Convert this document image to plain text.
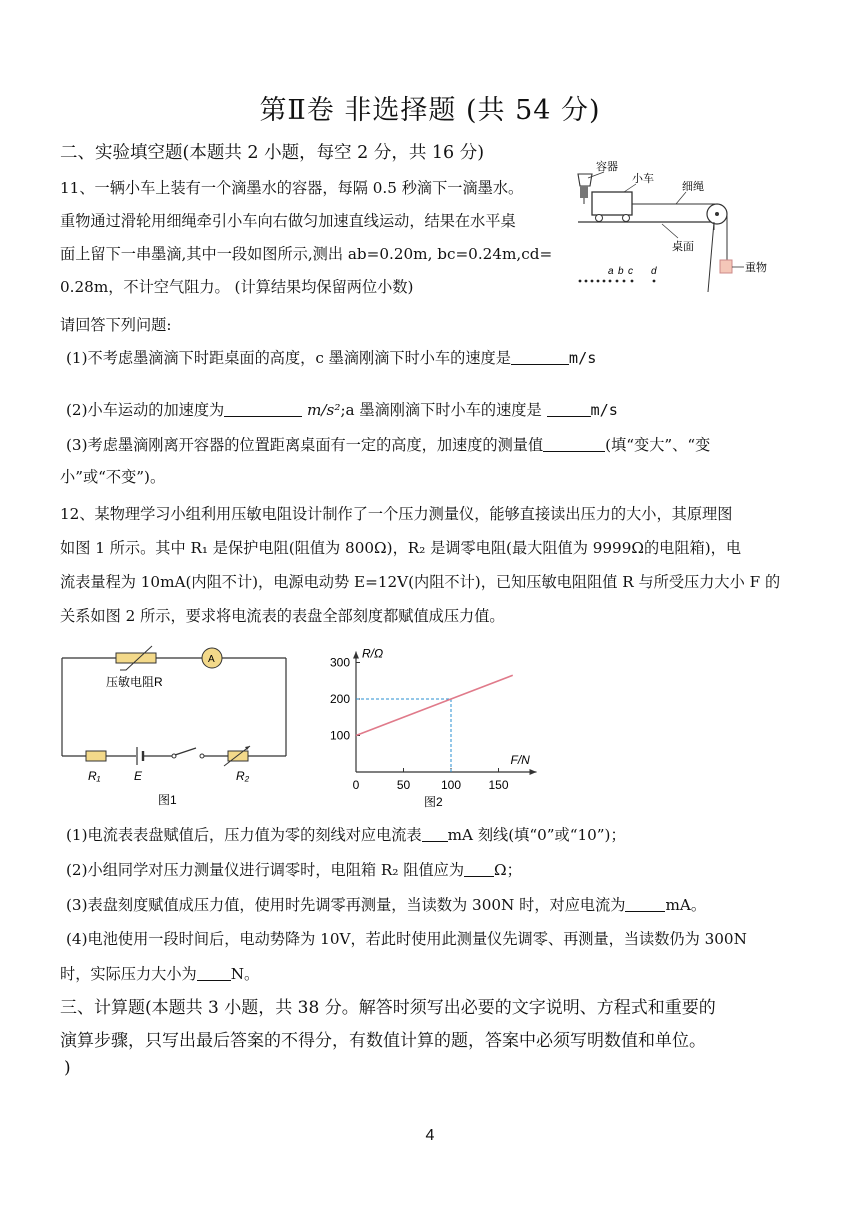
第Ⅱ卷 非选择题 (共 54 分)
二、实验填空题(本题共 2 小题，每空 2 分，共 16 分)
11、一辆小车上装有一个滴墨水的容器，每隔 0.5 秒滴下一滴墨水。
重物通过滑轮用细绳牵引小车向右做匀加速直线运动，结果在水平桌
面上留下一串墨滴,其中一段如图所示,测出 ab=0.20m, bc=0.24m,cd=
0.28m，不计空气阻力。 (计算结果均保留两位小数)
请回答下列问题:
(1)不考虑墨滴滴下时距桌面的高度，c 墨滴刚滴下时小车的速度是	m/s
(2)小车运动的加速度为	m/s²;a 墨滴刚滴下时小车的速度是	m/s
(3)考虑墨滴刚离开容器的位置距离桌面有一定的高度，加速度的测量值	(填“变大”、“变
小”或“不变”)。
容器
小车
桌面
细绳
重物
a b c d
12、某物理学习小组利用压敏电阻设计制作了一个压力测量仪，能够直接读出压力的大小，其原理图
如图 1 所示。其中 R₁ 是保护电阻(阻值为 800Ω)，R₂ 是调零电阻(最大阻值为 9999Ω的电阻箱)，电
流表量程为 10mA(内阻不计)，电源电动势 E=12V(内阻不计)，已知压敏电阻阻值 R 与所受压力大小 F 的
关系如图 2 所示，要求将电流表的表盘全部刻度都赋值成压力值。
压敏电阻R
A
R₁	E	R₂
图1
R/Ω
F/N
0	50	100 150
100
200
300
图2
(1)电流表表盘赋值后，压力值为零的刻线对应电流表 mA 刻线(填“0”或“10”)；
(2)小组同学对压力测量仪进行调零时，电阻箱 R₂ 阻值应为 Ω；
(3)表盘刻度赋值成压力值，使用时先调零再测量，当读数为 300N 时，对应电流为	mA。
(4)电池使用一段时间后，电动势降为 10V，若此时使用此测量仪先调零、再测量，当读数仍为 300N
时，实际压力大小为 N。
三、计算题(本题共 3 小题，共 38 分。解答时须写出必要的文字说明、方程式和重要的
演算步骤，只写出最后答案的不得分，有数值计算的题，答案中必须写明数值和单位。
)
4
